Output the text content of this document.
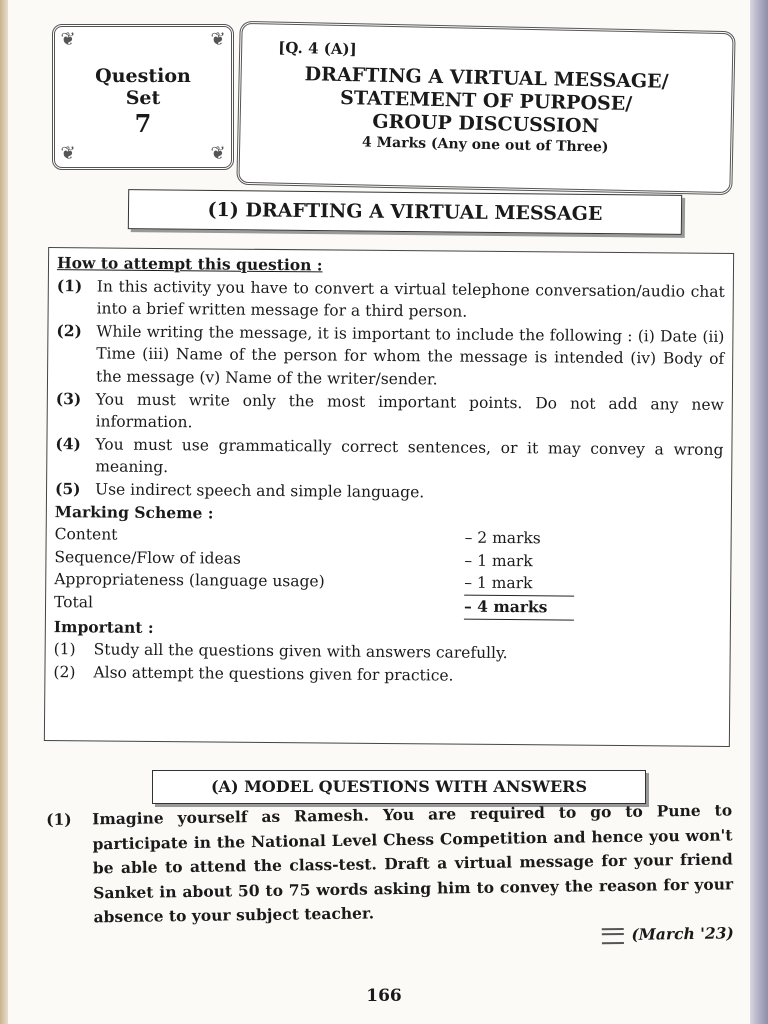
❦	❦
❦	❦
Question
Set
7
[Q. 4 (A)]
DRAFTING A VIRTUAL MESSAGE/
STATEMENT OF PURPOSE/
GROUP DISCUSSION
4 Marks (Any one out of Three)
(1) DRAFTING A VIRTUAL MESSAGE
How to attempt this question :
(1) In this activity you have to convert a virtual telephone conversation/audio chat into a brief written message for a third person.
(2) While writing the message, it is important to include the following : (i) Date (ii) Time (iii) Name of the person for whom the message is intended (iv) Body of the message (v) Name of the writer/sender.
(3) You must write only the most important points. Do not add any new information.
(4) You must use grammatically correct sentences, or it may convey a wrong meaning.
(5) Use indirect speech and simple language.
Marking Scheme :
Content	– 2 marks
Sequence/Flow of ideas	– 1 mark
Appropriateness (language usage)	– 1 mark
Total	– 4 marks
Important :
(1)	Study all the questions given with answers carefully.
(2)	Also attempt the questions given for practice.
(A) MODEL QUESTIONS WITH ANSWERS
(1)	Imagine yourself as Ramesh. You are required to go to Pune to participate in the National Level Chess Competition and hence you won't be able to attend the class-test. Draft a virtual message for your friend Sanket in about 50 to 75 words asking him to convey the reason for your absence to your subject teacher.
(March '23)
166
